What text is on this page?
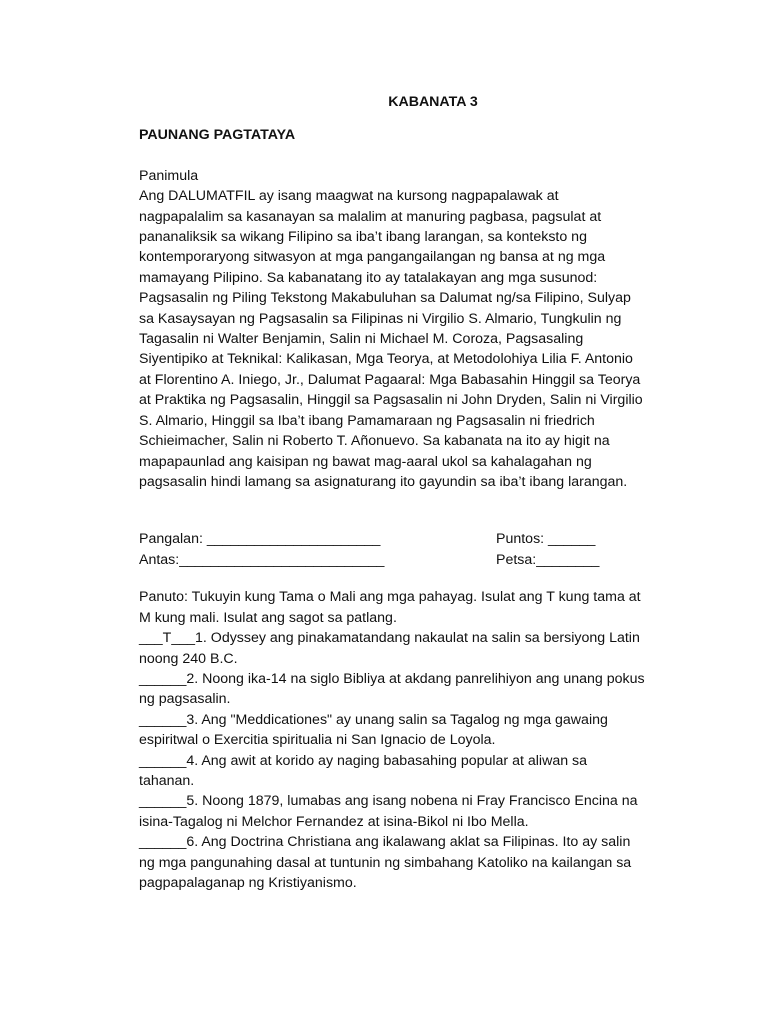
KABANATA 3
PAUNANG PAGTATAYA
Panimula
Ang DALUMATFIL ay isang maagwat na kursong nagpapalawak at
nagpapalalim sa kasanayan sa malalim at manuring pagbasa, pagsulat at
pananaliksik sa wikang Filipino sa iba’t ibang larangan, sa konteksto ng
kontemporaryong sitwasyon at mga pangangailangan ng bansa at ng mga
mamayang Pilipino. Sa kabanatang ito ay tatalakayan ang mga susunod:
Pagsasalin ng Piling Tekstong Makabuluhan sa Dalumat ng/sa Filipino, Sulyap
sa Kasaysayan ng Pagsasalin sa Filipinas ni Virgilio S. Almario, Tungkulin ng
Tagasalin ni Walter Benjamin, Salin ni Michael M. Coroza, Pagsasaling
Siyentipiko at Teknikal: Kalikasan, Mga Teorya, at Metodolohiya Lilia F. Antonio
at Florentino A. Iniego, Jr., Dalumat Pagaaral: Mga Babasahin Hinggil sa Teorya
at Praktika ng Pagsasalin, Hinggil sa Pagsasalin ni John Dryden, Salin ni Virgilio
S. Almario, Hinggil sa Iba’t ibang Pamamaraan ng Pagsasalin ni friedrich
Schieimacher, Salin ni Roberto T. Añonuevo. Sa kabanata na ito ay higit na
mapapaunlad ang kaisipan ng bawat mag-aaral ukol sa kahalagahan ng
pagsasalin hindi lamang sa asignaturang ito gayundin sa iba’t ibang larangan.
Pangalan: ______________________	Puntos: ______
Antas:__________________________	Petsa:________
Panuto: Tukuyin kung Tama o Mali ang mga pahayag. Isulat ang T kung tama at
M kung mali. Isulat ang sagot sa patlang.
___T___1. Odyssey ang pinakamatandang nakaulat na salin sa bersiyong Latin
noong 240 B.C.
______2. Noong ika-14 na siglo Bibliya at akdang panrelihiyon ang unang pokus
ng pagsasalin.
______3. Ang "Meddicationes" ay unang salin sa Tagalog ng mga gawaing
espiritwal o Exercitia spiritualia ni San Ignacio de Loyola.
______4. Ang awit at korido ay naging babasahing popular at aliwan sa
tahanan.
______5. Noong 1879, lumabas ang isang nobena ni Fray Francisco Encina na
isina-Tagalog ni Melchor Fernandez at isina-Bikol ni Ibo Mella.
______6. Ang Doctrina Christiana ang ikalawang aklat sa Filipinas. Ito ay salin
ng mga pangunahing dasal at tuntunin ng simbahang Katoliko na kailangan sa
pagpapalaganap ng Kristiyanismo.
